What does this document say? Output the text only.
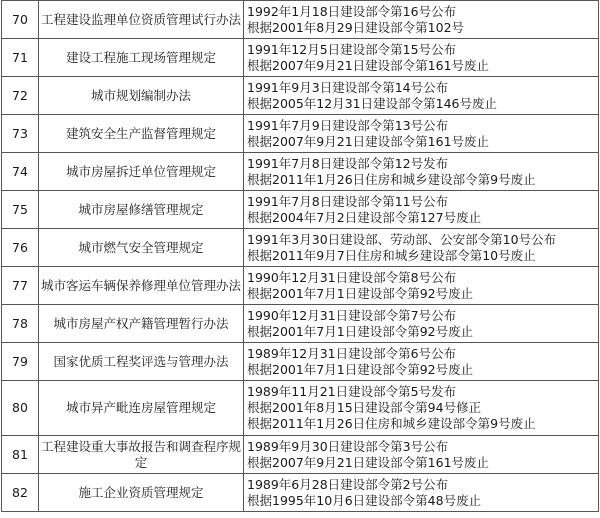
70	工程建设监理单位资质管理试行办法	1992年1月18日建设部令第16号公布
根据2001年8月29日建设部令第102号

71	建设工程施工现场管理规定	1991年12月5日建设部令第15号公布
根据2007年9月21日建设部令第161号废止

72	城市规划编制办法	1991年9月3日建设部令第14号公布
根据2005年12月31日建设部令第146号废止

73	建筑安全生产监督管理规定	1991年7月9日建设部令第13号公布
根据2007年9月21日建设部令第161号废止

74	城市房屋拆迁单位管理规定	1991年7月8日建设部令第12号发布
根据2011年1月26日住房和城乡建设部令第9号废止

75	城市房屋修缮管理规定	1991年7月8日建设部令第11号公布
根据2004年7月2日建设部令第127号废止

76	城市燃气安全管理规定	1991年3月30日建设部、劳动部、公安部令第10号公布
根据2011年9月7日住房和城乡建设部令第10号废止

77	城市客运车辆保养修理单位管理办法	1990年12月31日建设部令第8号公布
根据2001年7月1日建设部令第92号废止

78	城市房屋产权产籍管理暂行办法	1990年12月31日建设部令第7号公布
根据2001年7月1日建设部令第92号废止

79	国家优质工程奖评选与管理办法	1989年12月31日建设部令第6号公布
根据2001年7月1日建设部令第92号废止

80	城市异产毗连房屋管理规定	1989年11月21日建设部令第5号发布
根据2001年8月15日建设部令第94号修正
根据2011年1月26日住房和城乡建设部令第9号废止

81	工程建设重大事故报告和调查程序规定	1989年9月30日建设部令第3号公布
根据2007年9月21日建设部令第161号废止

82	施工企业资质管理规定	1989年6月28日建设部令第2号公布
根据1995年10月6日建设部令第48号废止
